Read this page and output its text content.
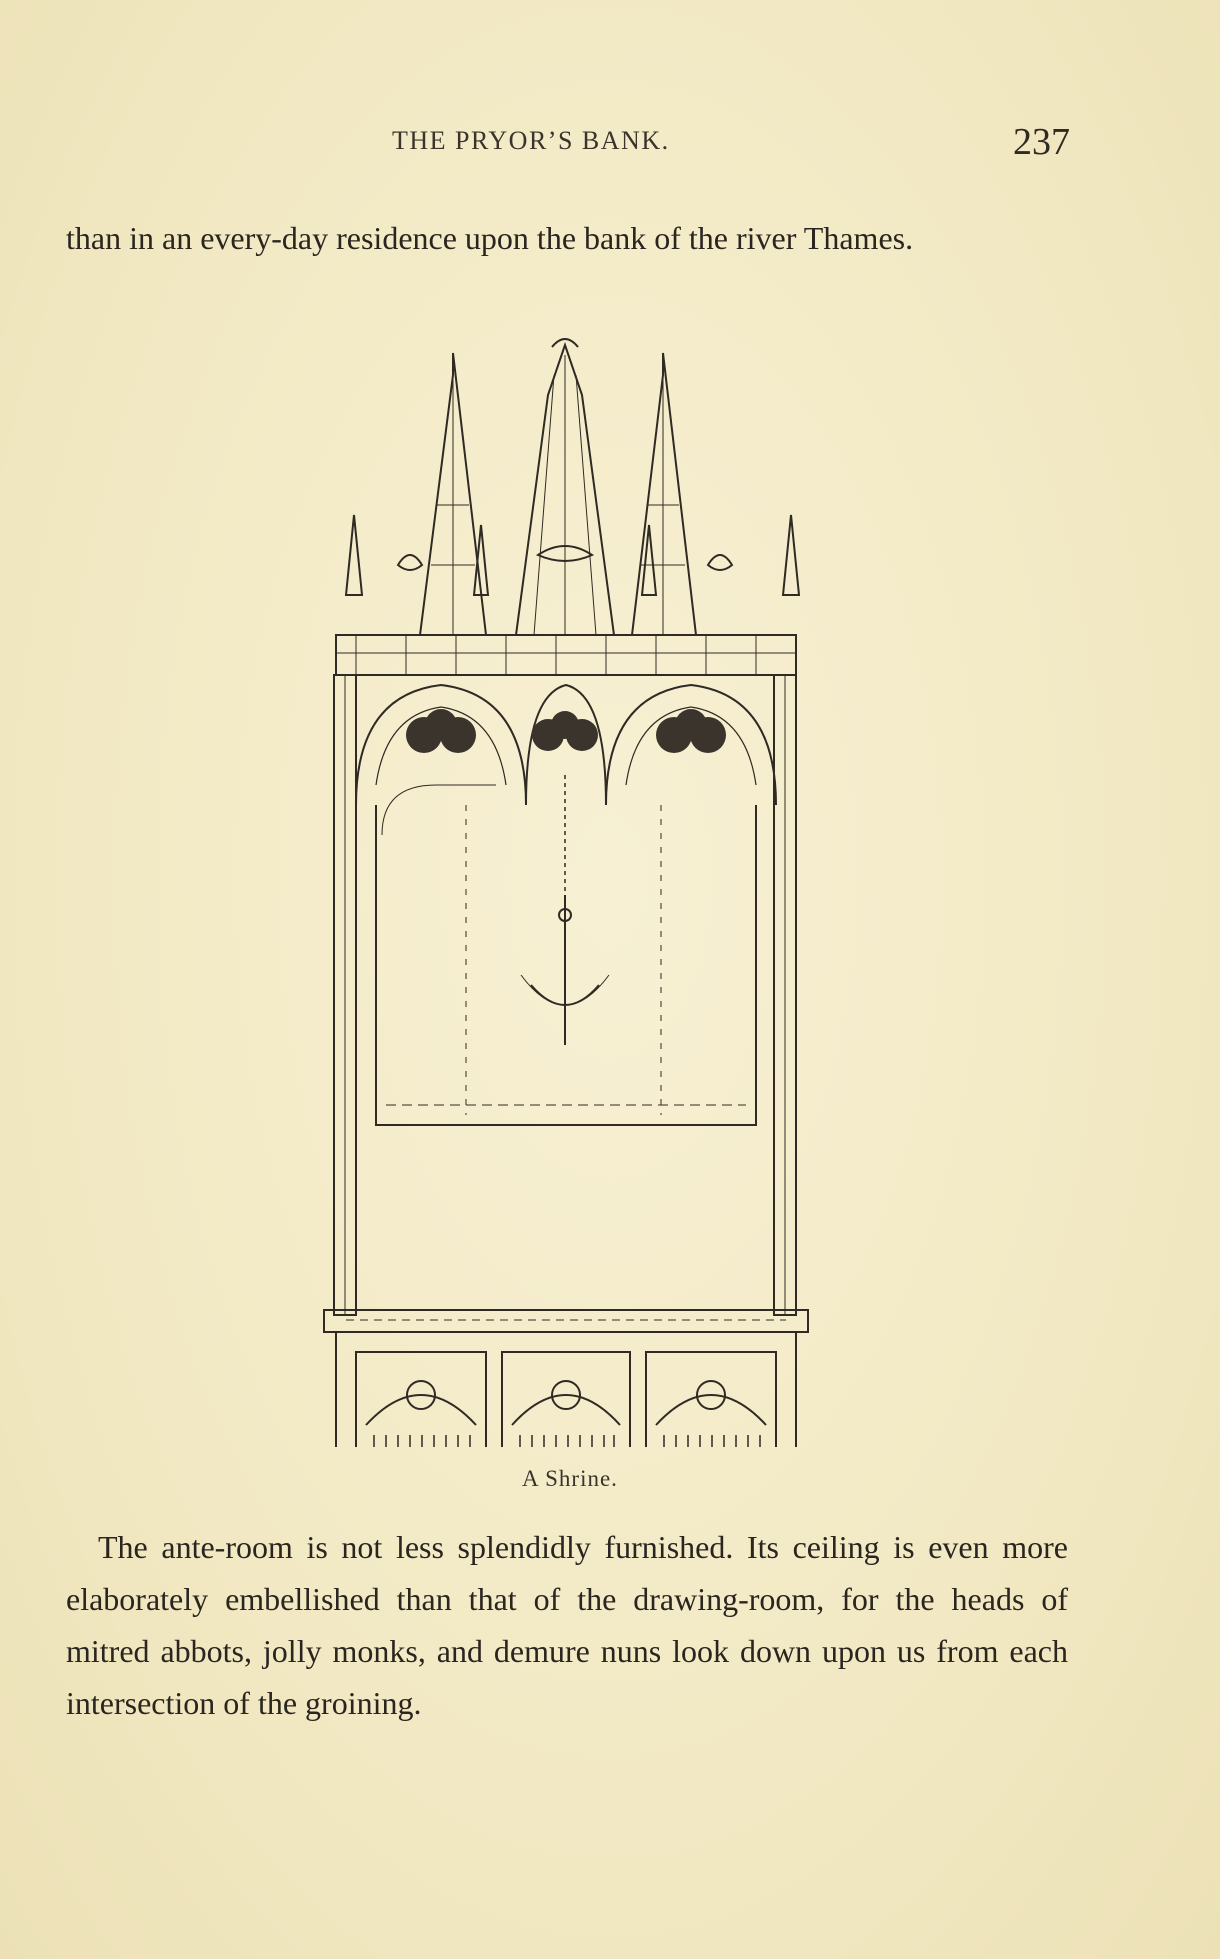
THE PRYOR’S BANK.	237

than in an every-day residence upon the bank of the river Thames.

A Shrine.

The ante-room is not less splendidly furnished. Its ceiling is even more elaborately embellished than that of the drawing-room, for the heads of mitred abbots, jolly monks, and demure nuns look down upon us from each intersection of the groining.
